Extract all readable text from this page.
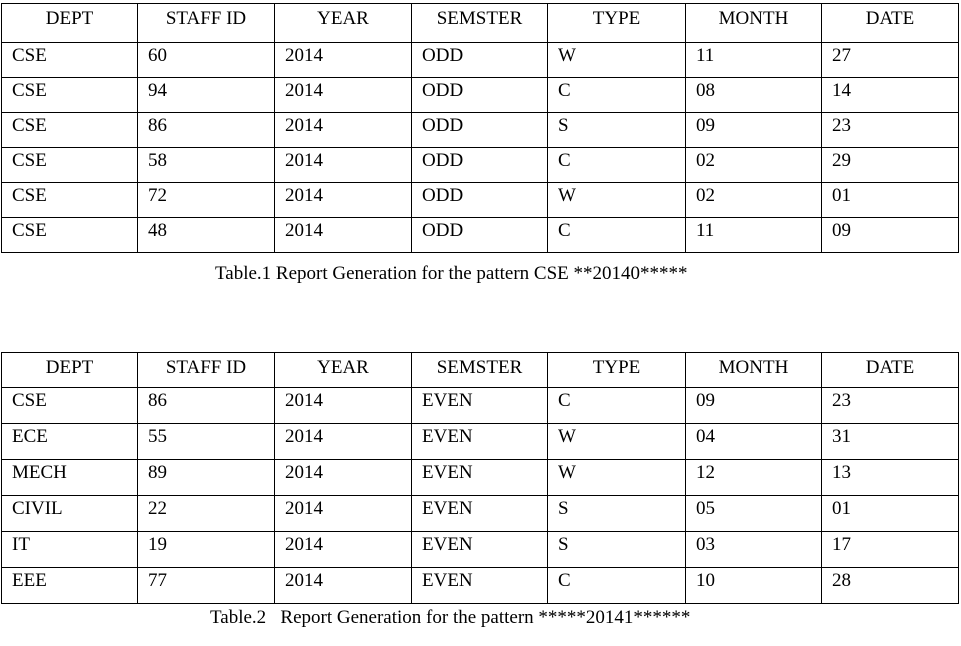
DEPT	STAFF ID	YEAR	SEMSTER	TYPE	MONTH	DATE
CSE	60	2014	ODD	W	11	27
CSE	94	2014	ODD	C	08	14
CSE	86	2014	ODD	S	09	23
CSE	58	2014	ODD	C	02	29
CSE	72	2014	ODD	W	02	01
CSE	48	2014	ODD	C	11	09
Table.1 Report Generation for the pattern CSE **20140*****
DEPT	STAFF ID	YEAR	SEMSTER	TYPE	MONTH	DATE
CSE	86	2014	EVEN	C	09	23
ECE	55	2014	EVEN	W	04	31
MECH	89	2014	EVEN	W	12	13
CIVIL	22	2014	EVEN	S	05	01
IT	19	2014	EVEN	S	03	17
EEE	77	2014	EVEN	C	10	28
Table.2   Report Generation for the pattern *****20141******
